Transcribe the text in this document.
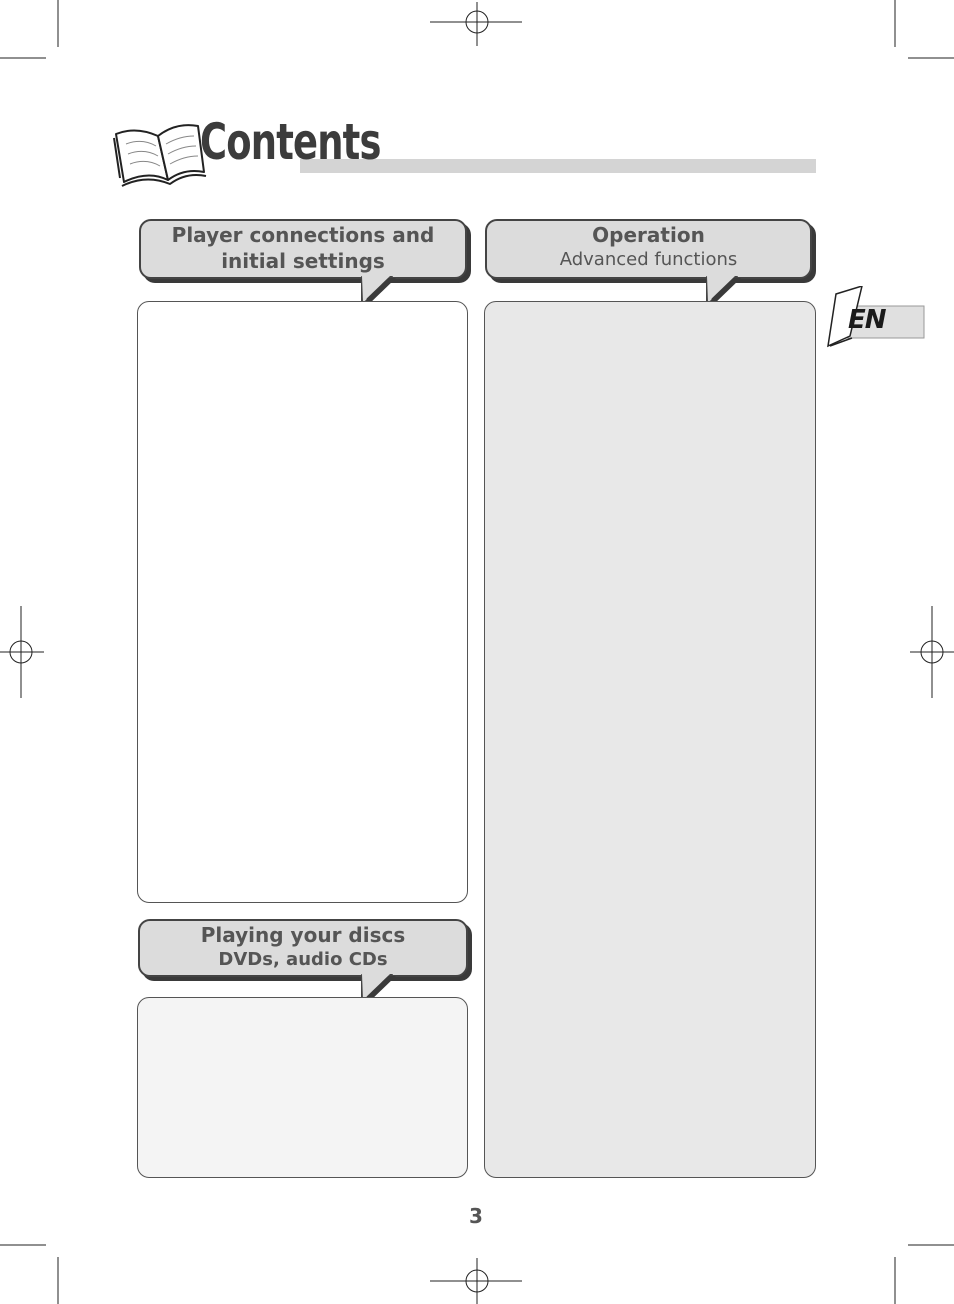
Contents
EN
Player connections and
initial settings
Operation
Advanced functions
Playing your discs
DVDs, audio CDs
3
